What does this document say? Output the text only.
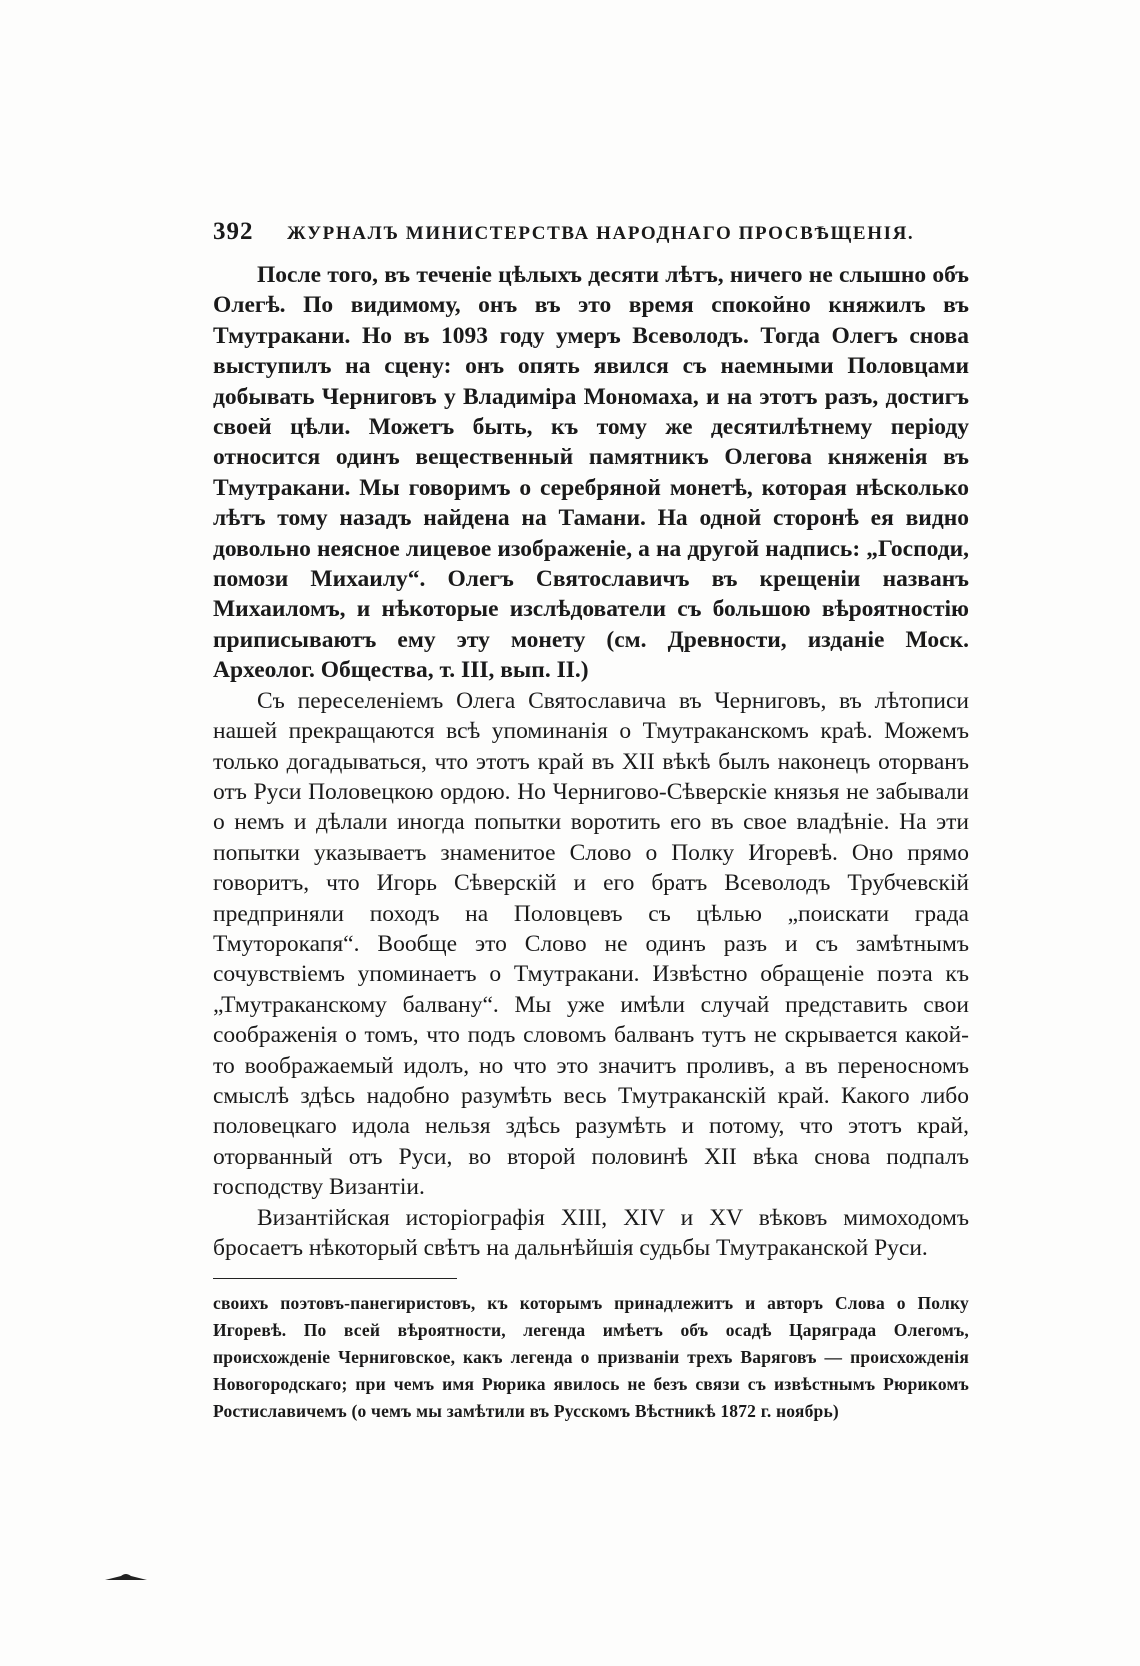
392	ЖУРНАЛЪ МИНИСТЕРСТВА НАРОДНАГО ПРОСВѢЩЕНІЯ.

После того, въ теченіе цѣлыхъ десяти лѣтъ, ничего не слышно объ Олегѣ. По видимому, онъ въ это время спокойно княжилъ въ Тмутракани. Но въ 1093 году умеръ Всеволодъ. Тогда Олегъ снова выступилъ на сцену: онъ опять явился съ наемными Половцами добывать Черниговъ у Владиміра Мономаха, и на этотъ разъ, достигъ своей цѣли. Можетъ быть, къ тому же десятилѣтнему періоду относится одинъ вещественный памятникъ Олегова княженія въ Тмутракани. Мы говоримъ о серебряной монетѣ, которая нѣсколько лѣтъ тому назадъ найдена на Тамани. На одной сторонѣ ея видно довольно неясное лицевое изображеніе, а на другой надпись: „Господи, помози Михаилу“. Олегъ Святославичъ въ крещеніи названъ Михаиломъ, и нѣкоторые изслѣдователи съ большою вѣроятностію приписываютъ ему эту монету (см. Древности, изданіе Моск. Археолог. Общества, т. III, вып. II.)

Съ переселеніемъ Олега Святославича въ Черниговъ, въ лѣтописи нашей прекращаются всѣ упоминанія о Тмутраканскомъ краѣ. Можемъ только догадываться, что этотъ край въ XII вѣкѣ былъ наконецъ оторванъ отъ Руси Половецкою ордою. Но Черниговo-Сѣверскіе князья не забывали о немъ и дѣлали иногда попытки воротить его въ свое владѣніе. На эти попытки указываетъ знаменитое Слово о Полку Игоревѣ. Оно прямо говоритъ, что Игорь Сѣверскій и его братъ Всеволодъ Трубчевскій предприняли походъ на Половцевъ съ цѣлью „поискати града Тмуторокапя“. Вообще это Слово не одинъ разъ и съ замѣтнымъ сочувствіемъ упоминаетъ о Тмутракани. Извѣстно обращеніе поэта къ „Тмутраканскому балвану“. Мы уже имѣли случай представить свои соображенія о томъ, что подъ словомъ балванъ тутъ не скрывается какой-то воображаемый идолъ, но что это значитъ проливъ, а въ переносномъ смыслѣ здѣсь надобно разумѣть весь Тмутраканскій край. Какого либо половецкаго идола нельзя здѣсь разумѣть и потому, что этотъ край, оторванный отъ Руси, во второй половинѣ XII вѣка снова подпалъ господству Византіи.

Византійская исторіографія XIII, XIV и XV вѣковъ мимоходомъ бросаетъ нѣкоторый свѣтъ на дальнѣйшія судьбы Тмутраканской Руси.

своихъ поэтовъ-панегиристовъ, къ которымъ принадлежитъ и авторъ Слова о Полку Игоревѣ. По всей вѣроятности, легенда имѣетъ объ осадѣ Царяграда Олегомъ, происхожденіе Черниговское, какъ легенда о призваніи трехъ Варяговъ — происхожденія Новогородскаго; при чемъ имя Рюрика явилось не безъ связи съ извѣстнымъ Рюрикомъ Ростиславичемъ (о чемъ мы замѣтили въ Русскомъ Вѣстникѣ 1872 г. ноябрь)
